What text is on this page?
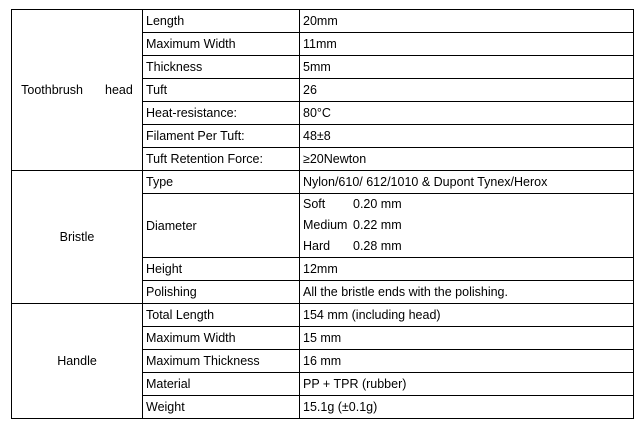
Toothbrush head	Length	20mm
	Maximum Width	11mm
	Thickness	5mm
	Tuft	26
	Heat-resistance:	80°C
	Filament Per Tuft:	48±8
	Tuft Retention Force:	≥20Newton
Bristle	Type	Nylon/610/ 612/1010 & Dupont Tynex/Herox
	Diameter	Soft 0.20 mm
Medium 0.22 mm
Hard 0.28 mm

	Height	12mm
	Polishing	All the bristle ends with the polishing.
Handle	Total Length	154 mm (including head)
	Maximum Width	15 mm
	Maximum Thickness	16 mm
	Material	PP + TPR (rubber)
	Weight	15.1g (±0.1g)
